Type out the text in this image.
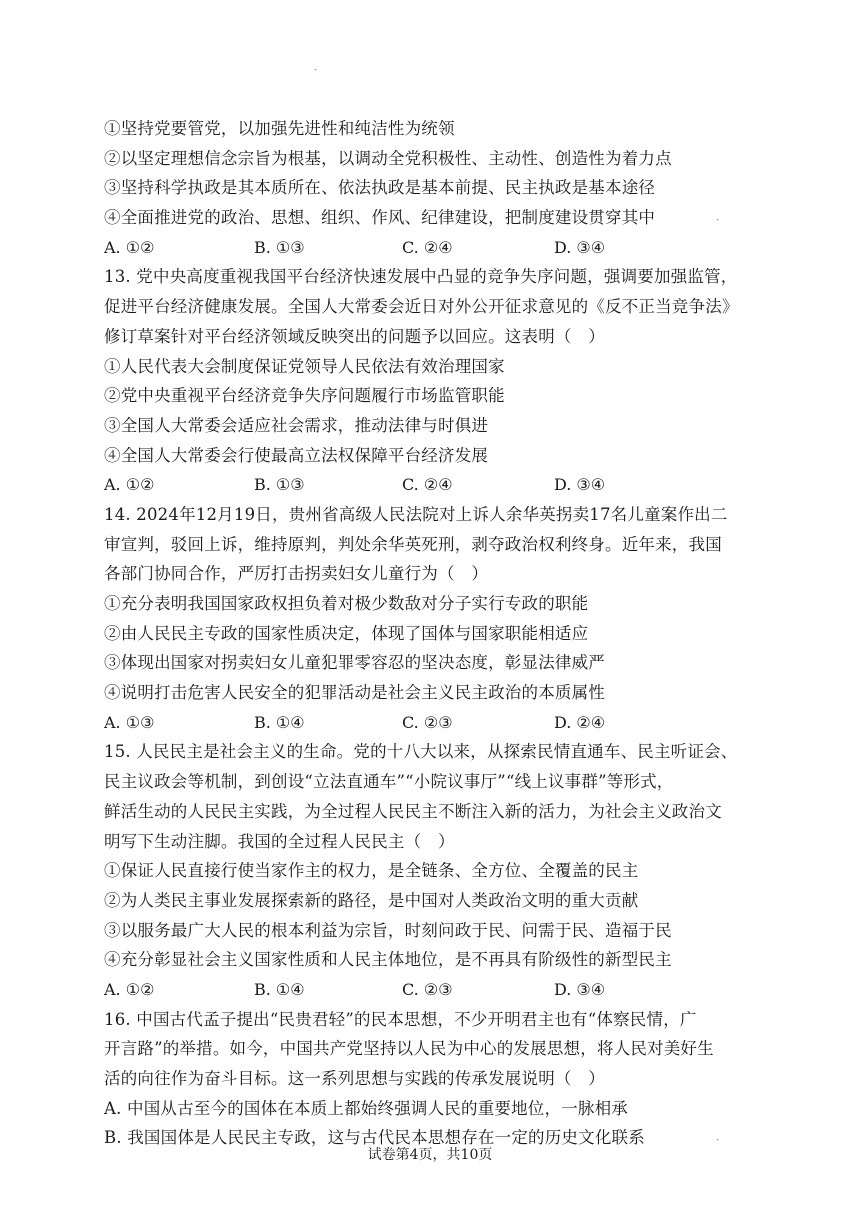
ˏ
ˎ
ˎ
①坚持党要管党，以加强先进性和纯洁性为统领
②以坚定理想信念宗旨为根基，以调动全党积极性、主动性、创造性为着力点
③坚持科学执政是其本质所在、依法执政是基本前提、民主执政是基本途径
④全面推进党的政治、思想、组织、作风、纪律建设，把制度建设贯穿其中
A. ①②	B. ①③	C. ②④	D. ③④
13. 党中央高度重视我国平台经济快速发展中凸显的竞争失序问题，强调要加强监管，
促进平台经济健康发展。全国人大常委会近日对外公开征求意见的《反不正当竞争法》
修订草案针对平台经济领域反映突出的问题予以回应。这表明（　）
①人民代表大会制度保证党领导人民依法有效治理国家
②党中央重视平台经济竞争失序问题履行市场监管职能
③全国人大常委会适应社会需求，推动法律与时俱进
④全国人大常委会行使最高立法权保障平台经济发展
A. ①②	B. ①③	C. ②④	D. ③④
14. 2024年12月19日，贵州省高级人民法院对上诉人余华英拐卖17名儿童案作出二
审宣判，驳回上诉，维持原判，判处余华英死刑，剥夺政治权利终身。近年来，我国
各部门协同合作，严厉打击拐卖妇女儿童行为（　）
①充分表明我国国家政权担负着对极少数敌对分子实行专政的职能
②由人民民主专政的国家性质决定，体现了国体与国家职能相适应
③体现出国家对拐卖妇女儿童犯罪零容忍的坚决态度，彰显法律威严
④说明打击危害人民安全的犯罪活动是社会主义民主政治的本质属性
A. ①③	B. ①④	C. ②③	D. ②④
15. 人民民主是社会主义的生命。党的十八大以来，从探索民情直通车、民主听证会、
民主议政会等机制，到创设“立法直通车”“小院议事厅”“线上议事群”等形式，
鲜活生动的人民民主实践，为全过程人民民主不断注入新的活力，为社会主义政治文
明写下生动注脚。我国的全过程人民民主（　）
①保证人民直接行使当家作主的权力，是全链条、全方位、全覆盖的民主
②为人类民主事业发展探索新的路径，是中国对人类政治文明的重大贡献
③以服务最广大人民的根本利益为宗旨，时刻问政于民、问需于民、造福于民
④充分彰显社会主义国家性质和人民主体地位，是不再具有阶级性的新型民主
A. ①②	B. ①④	C. ②③	D. ③④
16. 中国古代孟子提出“民贵君轻”的民本思想，不少开明君主也有“体察民情，广
开言路”的举措。如今，中国共产党坚持以人民为中心的发展思想，将人民对美好生
活的向往作为奋斗目标。这一系列思想与实践的传承发展说明（　）
A. 中国从古至今的国体在本质上都始终强调人民的重要地位，一脉相承
B. 我国国体是人民民主专政，这与古代民本思想存在一定的历史文化联系
试卷第4页，共10页
